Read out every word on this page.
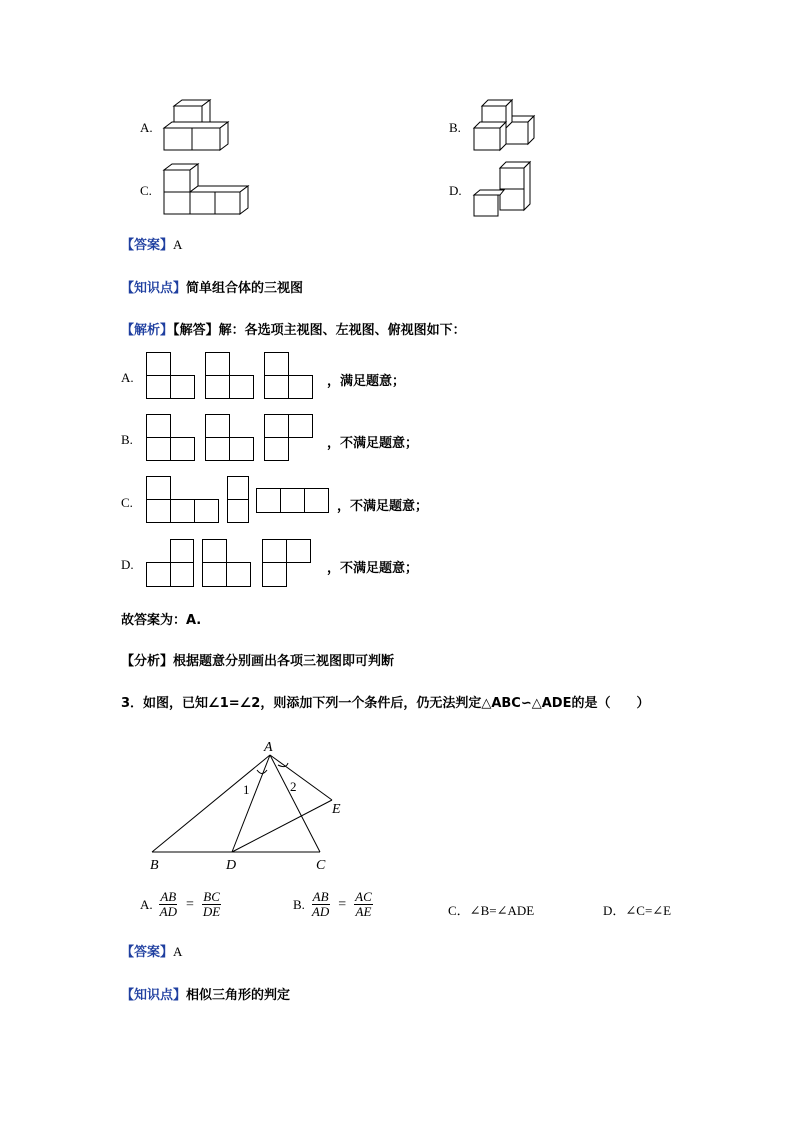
A.	B.
C.	D.
【答案】A
【知识点】简单组合体的三视图
【解析】【解答】解：各选项主视图、左视图、俯视图如下：
A.	，满足题意；
B.	，不满足题意；
C.	，不满足题意；
D.	，不满足题意；
故答案为：A.
【分析】根据题意分别画出各项三视图即可判断
3．如图，已知∠1=∠2，则添加下列一个条件后，仍无法判定△ABC∽△ADE的是（　　）
A
B	D	C
E
1	2
A. $\frac{AB}{AD} = \frac{BC}{DE}$	B. $\frac{AB}{AD} = \frac{AC}{AE}$	C．∠B=∠ADE	D．∠C=∠E
【答案】A
【知识点】相似三角形的判定
